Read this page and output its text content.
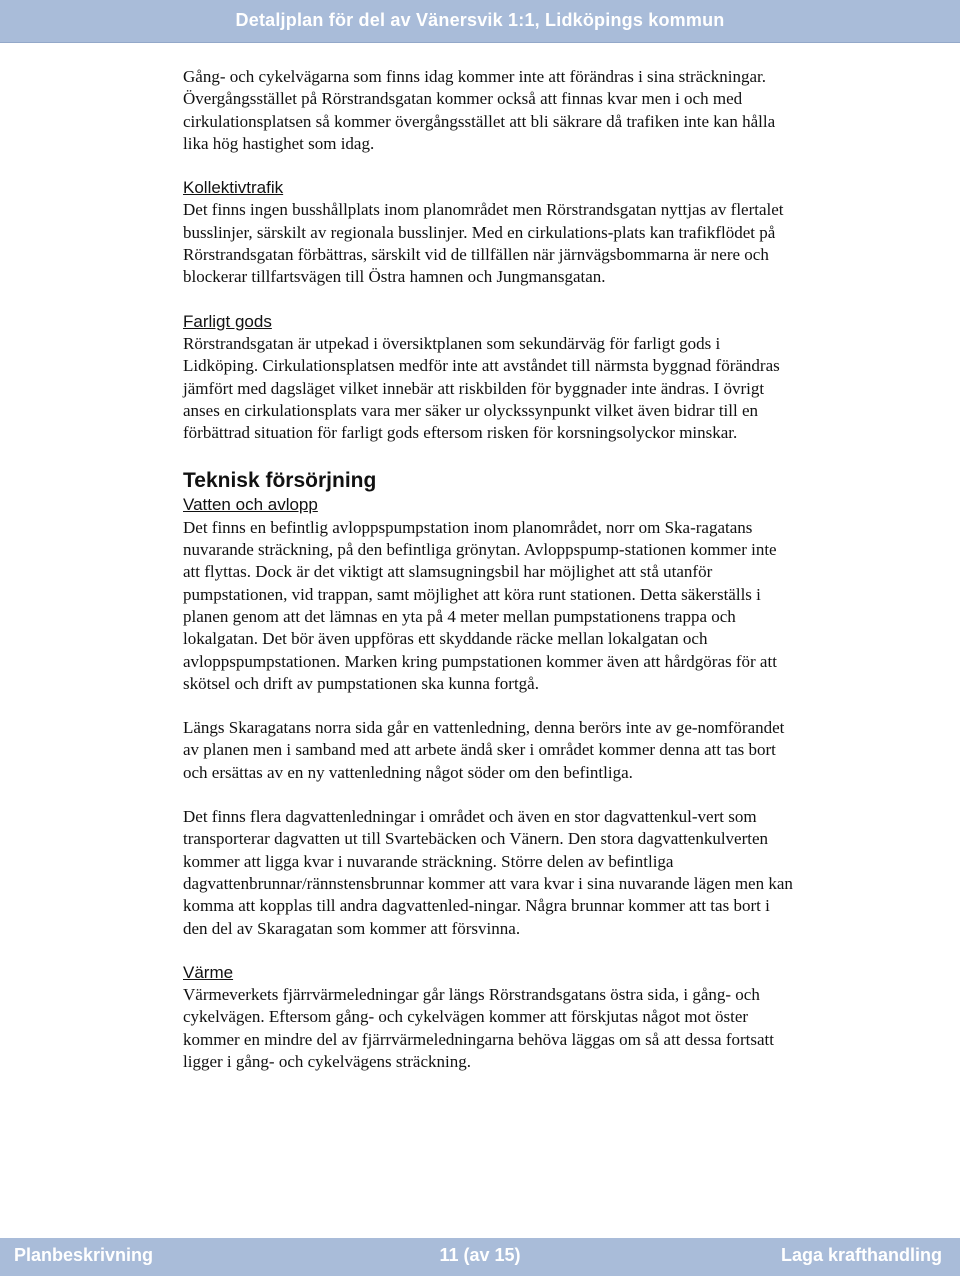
Detaljplan för del av Vänersvik 1:1, Lidköpings kommun

Gång- och cykelvägarna som finns idag kommer inte att förändras i sina sträckningar. Övergångsstället på Rörstrandsgatan kommer också att finnas kvar men i och med cirkulationsplatsen så kommer övergångsstället att bli säkrare då trafiken inte kan hålla lika hög hastighet som idag.

Kollektivtrafik

Det finns ingen busshållplats inom planområdet men Rörstrandsgatan nyttjas av flertalet busslinjer, särskilt av regionala busslinjer. Med en cirkulations-plats kan trafikflödet på Rörstrandsgatan förbättras, särskilt vid de tillfällen när järnvägsbommarna är nere och blockerar tillfartsvägen till Östra hamnen och Jungmansgatan.

Farligt gods

Rörstrandsgatan är utpekad i översiktplanen som sekundärväg för farligt gods i Lidköping. Cirkulationsplatsen medför inte att avståndet till närmsta byggnad förändras jämfört med dagsläget vilket innebär att riskbilden för byggnader inte ändras. I övrigt anses en cirkulationsplats vara mer säker ur olyckssynpunkt vilket även bidrar till en förbättrad situation för farligt gods eftersom risken för korsningsolyckor minskar.

Teknisk försörjning
Vatten och avlopp

Det finns en befintlig avloppspumpstation inom planområdet, norr om Ska-ragatans nuvarande sträckning, på den befintliga grönytan. Avloppspump-stationen kommer inte att flyttas. Dock är det viktigt att slamsugningsbil har möjlighet att stå utanför pumpstationen, vid trappan, samt möjlighet att köra runt stationen. Detta säkerställs i planen genom att det lämnas en yta på 4 meter mellan pumpstationens trappa och lokalgatan. Det bör även uppföras ett skyddande räcke mellan lokalgatan och avloppspumpstationen. Marken kring pumpstationen kommer även att hårdgöras för att skötsel och drift av pumpstationen ska kunna fortgå.

Längs Skaragatans norra sida går en vattenledning, denna berörs inte av ge-nomförandet av planen men i samband med att arbete ändå sker i området kommer denna att tas bort och ersättas av en ny vattenledning något söder om den befintliga.

Det finns flera dagvattenledningar i området och även en stor dagvattenkul-vert som transporterar dagvatten ut till Svartebäcken och Vänern. Den stora dagvattenkulverten kommer att ligga kvar i nuvarande sträckning. Större delen av befintliga dagvattenbrunnar/rännstensbrunnar kommer att vara kvar i sina nuvarande lägen men kan komma att kopplas till andra dagvattenled-ningar. Några brunnar kommer att tas bort i den del av Skaragatan som kommer att försvinna.

Värme

Värmeverkets fjärrvärmeledningar går längs Rörstrandsgatans östra sida, i gång- och cykelvägen. Eftersom gång- och cykelvägen kommer att förskjutas något mot öster kommer en mindre del av fjärrvärmeledningarna behöva läggas om så att dessa fortsatt ligger i gång- och cykelvägens sträckning.

Planbeskrivning	11 (av 15)	Laga krafthandling
